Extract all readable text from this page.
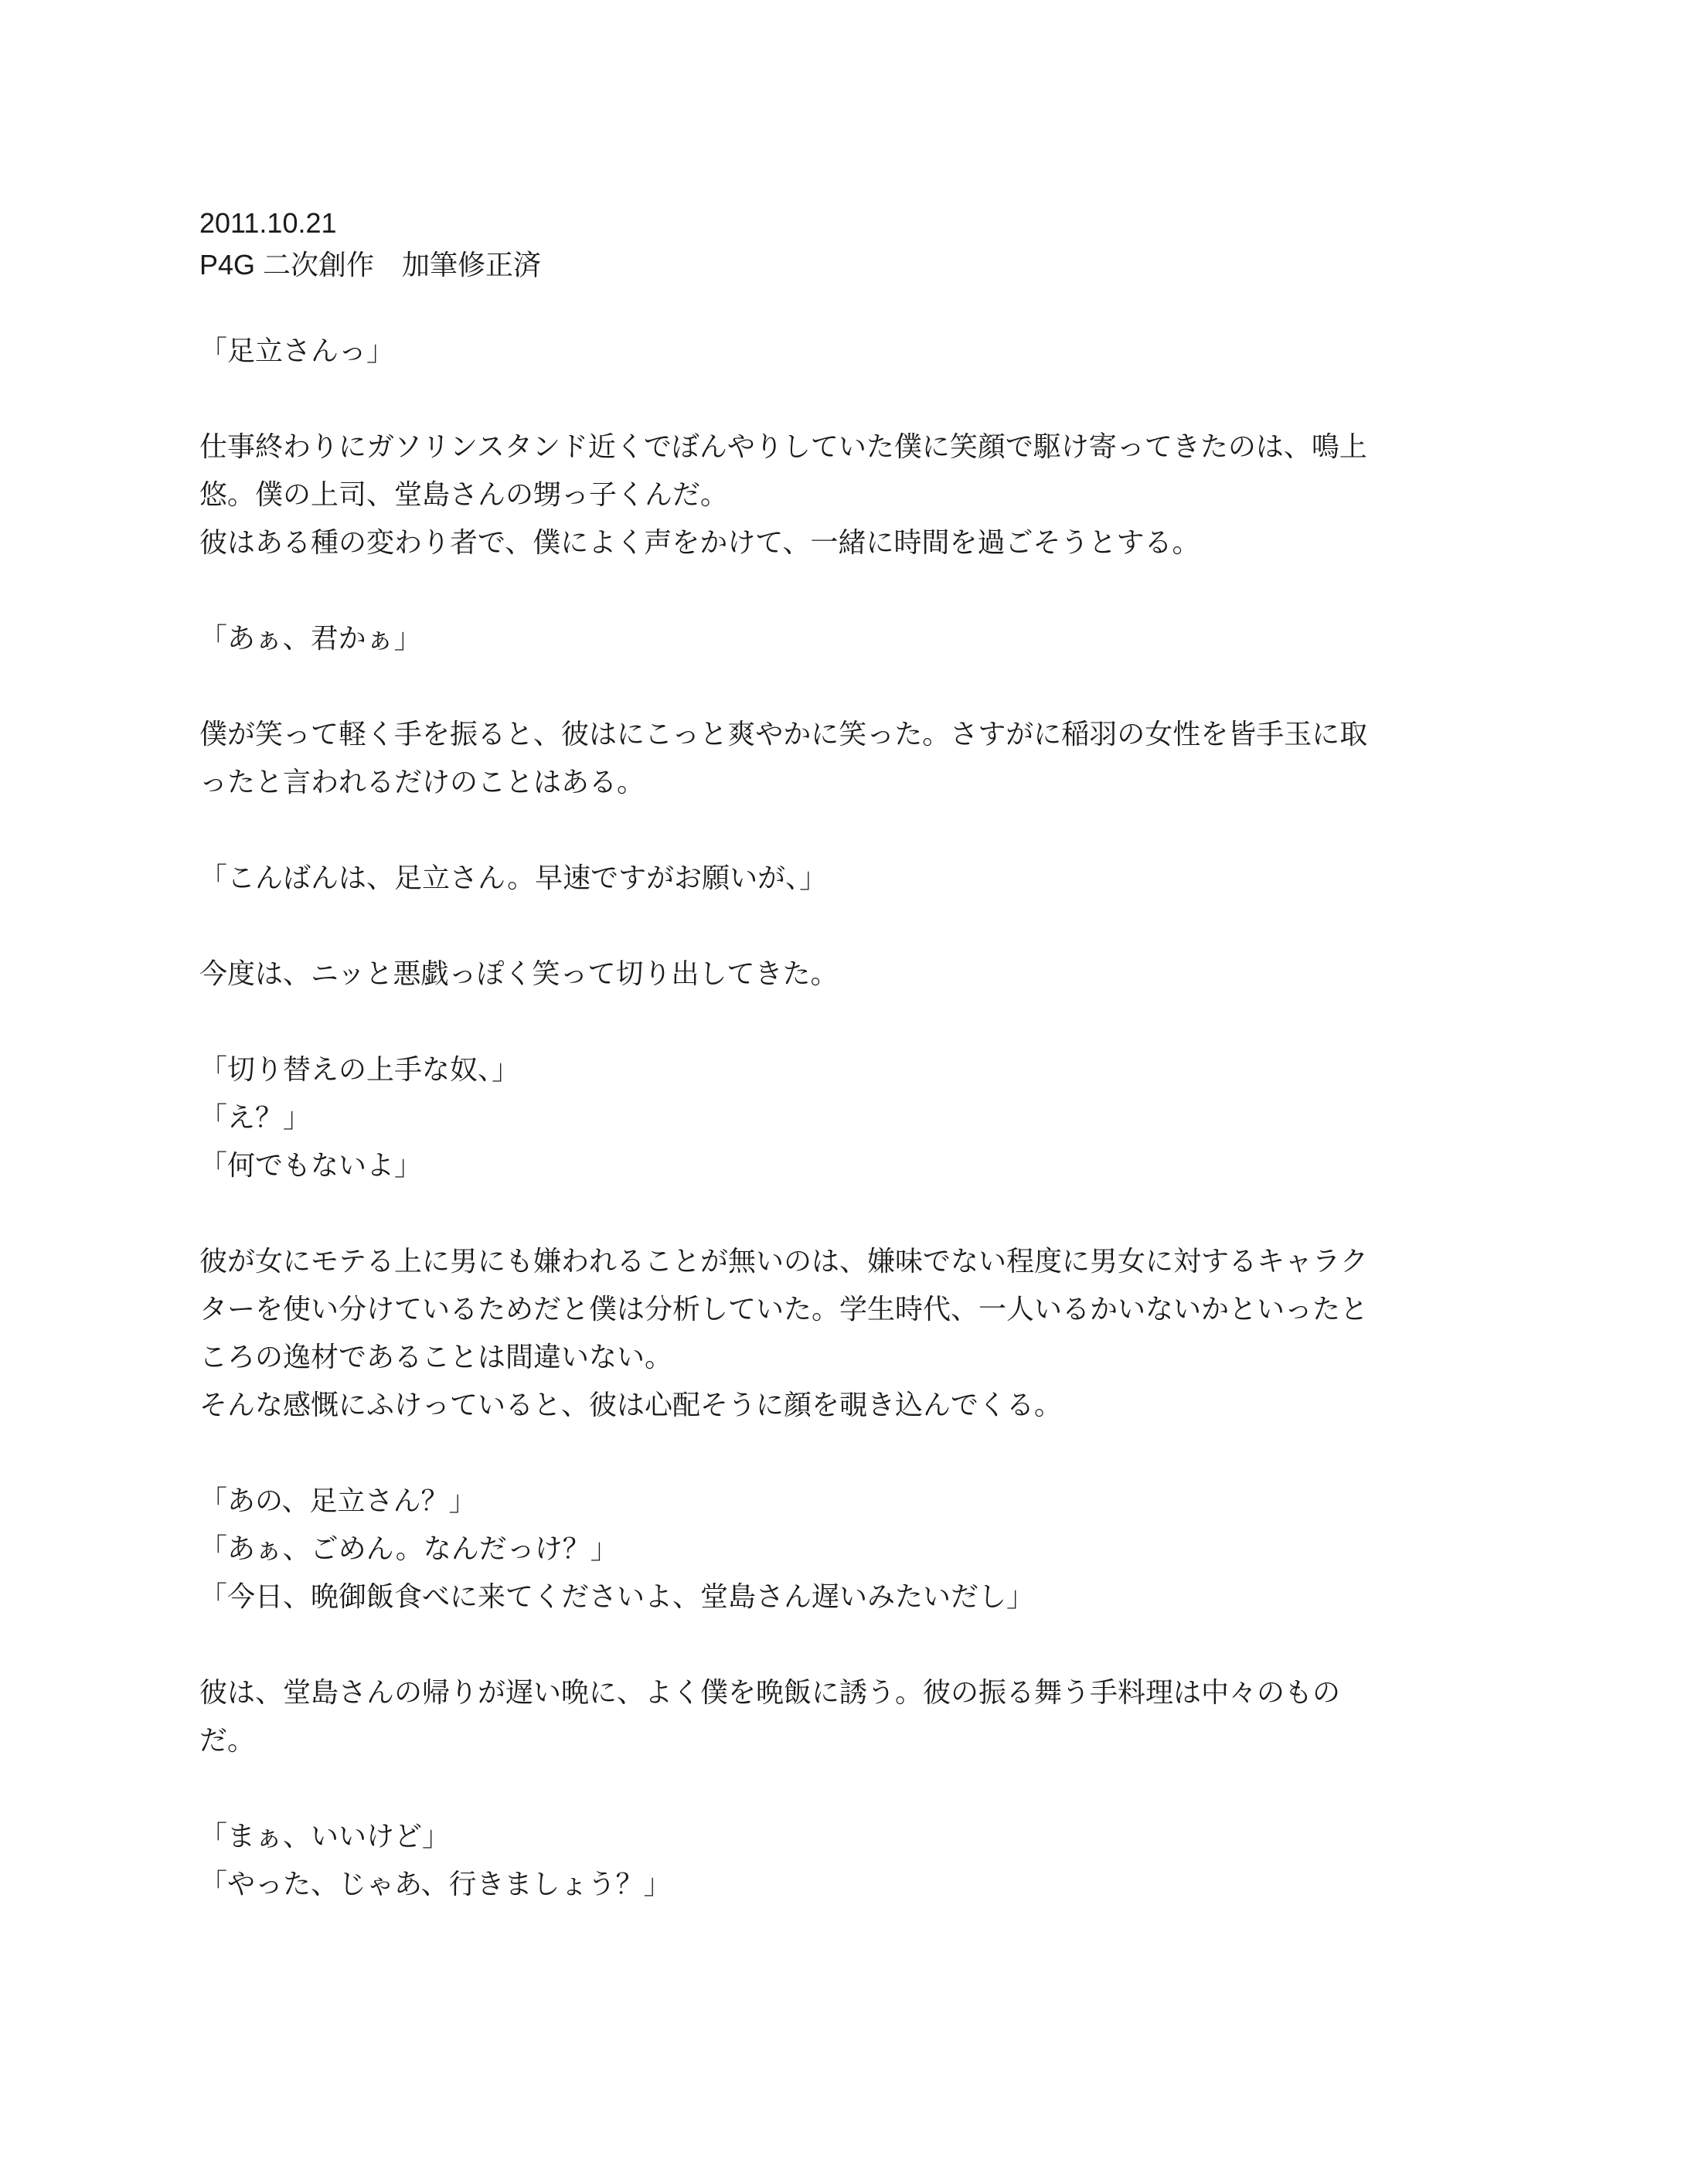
2011.10.21
P4G 二次創作　加筆修正済

「足立さんっ」

仕事終わりにガソリンスタンド近くでぼんやりしていた僕に笑顔で駆け寄ってきたのは、鳴上
悠。僕の上司、堂島さんの甥っ子くんだ。
彼はある種の変わり者で、僕によく声をかけて、一緒に時間を過ごそうとする。

「あぁ、君かぁ」

僕が笑って軽く手を振ると、彼はにこっと爽やかに笑った。さすがに稲羽の女性を皆手玉に取
ったと言われるだけのことはある。

「こんばんは、足立さん。早速ですがお願いが、」

今度は、ニッと悪戯っぽく笑って切り出してきた。

「切り替えの上手な奴、」
「え？」
「何でもないよ」

彼が女にモテる上に男にも嫌われることが無いのは、嫌味でない程度に男女に対するキャラク
ターを使い分けているためだと僕は分析していた。学生時代、一人いるかいないかといったと
ころの逸材であることは間違いない。
そんな感慨にふけっていると、彼は心配そうに顔を覗き込んでくる。

「あの、足立さん？」
「あぁ、ごめん。なんだっけ？」
「今日、晩御飯食べに来てくださいよ、堂島さん遅いみたいだし」

彼は、堂島さんの帰りが遅い晩に、よく僕を晩飯に誘う。彼の振る舞う手料理は中々のもの
だ。

「まぁ、いいけど」
「やった、じゃあ、行きましょう？」
